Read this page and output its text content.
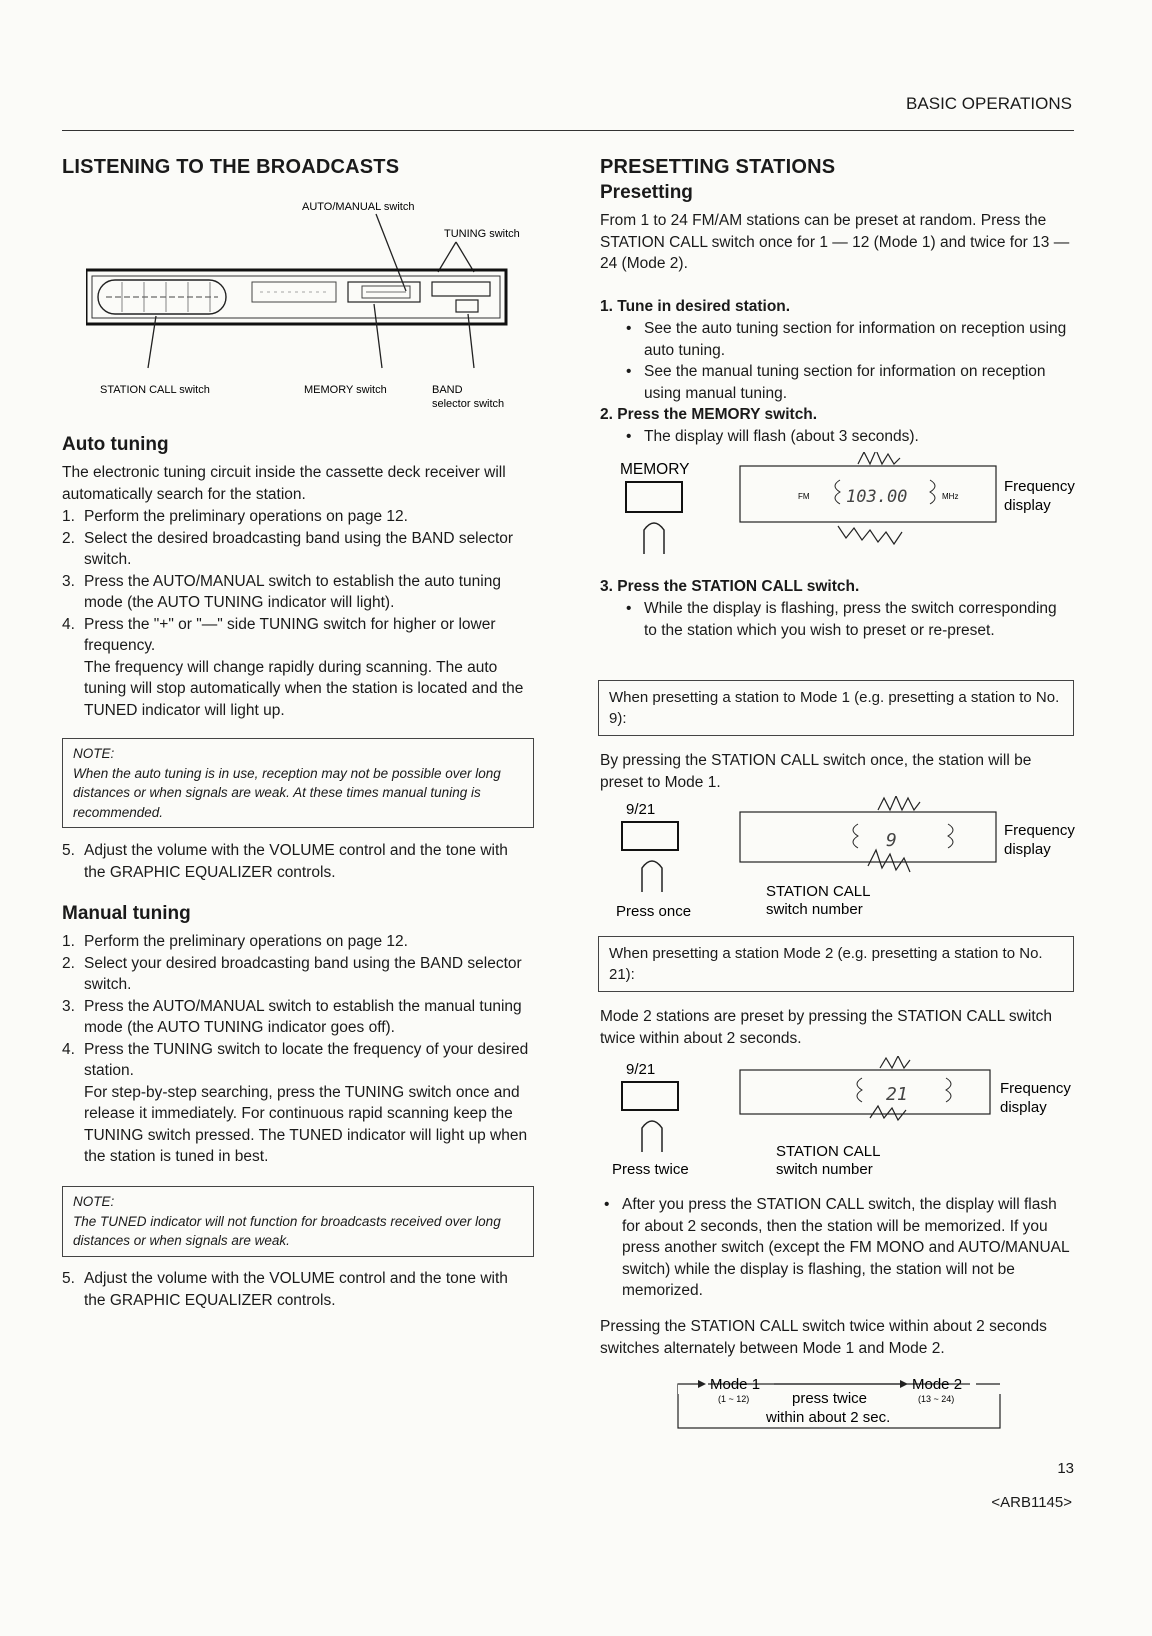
BASIC OPERATIONS
LISTENING TO THE BROADCASTS
AUTO/MANUAL switch
TUNING switch
STATION CALL switch	MEMORY switch	BAND
selector switch
Auto tuning
The electronic tuning circuit inside the cassette deck receiver will automatically search for the station.
1. Perform the preliminary operations on page 12.
2. Select the desired broadcasting band using the BAND selector switch.
3. Press the AUTO/MANUAL switch to establish the auto tuning mode (the AUTO TUNING indicator will light).
4. Press the "+" or "—" side TUNING switch for higher or lower frequency.
The frequency will change rapidly during scanning. The auto tuning will stop automatically when the station is located and the TUNED indicator will light up.
NOTE:
When the auto tuning is in use, reception may not be possible over long distances or when signals are weak. At these times manual tuning is recommended.
5. Adjust the volume with the VOLUME control and the tone with the GRAPHIC EQUALIZER controls.
Manual tuning
1. Perform the preliminary operations on page 12.
2. Select your desired broadcasting band using the BAND selector switch.
3. Press the AUTO/MANUAL switch to establish the manual tuning mode (the AUTO TUNING indicator goes off).
4. Press the TUNING switch to locate the frequency of your desired station.
For step-by-step searching, press the TUNING switch once and release it immediately. For continuous rapid scanning keep the TUNING switch pressed. The TUNED indicator will light up when the station is tuned in best.
NOTE:
The TUNED indicator will not function for broadcasts received over long distances or when signals are weak.
5. Adjust the volume with the VOLUME control and the tone with the GRAPHIC EQUALIZER controls.
PRESETTING STATIONS
Presetting
From 1 to 24 FM/AM stations can be preset at random. Press the STATION CALL switch once for 1 — 12 (Mode 1) and twice for 13 — 24 (Mode 2).
1. Tune in desired station.
• See the auto tuning section for information on reception using auto tuning.
• See the manual tuning section for information on reception using manual tuning.
2. Press the MEMORY switch.
• The display will flash (about 3 seconds).
MEMORY
FM 103.00	MHz
Frequency
display
3. Press the STATION CALL switch.
• While the display is flashing, press the switch corresponding to the station which you wish to preset or re-preset.
When presetting a station to Mode 1 (e.g. presetting a station to No. 9):
By pressing the STATION CALL switch once, the station will be preset to Mode 1.
9/21
Press once
9	Frequency
display
STATION CALL
switch number
When presetting a station Mode 2 (e.g. presetting a station to No. 21):
Mode 2 stations are preset by pressing the STATION CALL switch twice within about 2 seconds.
9/21
Press twice
21	Frequency
display
STATION CALL
switch number
• After you press the STATION CALL switch, the display will flash for about 2 seconds, then the station will be memorized. If you press another switch (except the FM MONO and AUTO/MANUAL switch) while the display is flashing, the station will not be memorized.
Pressing the STATION CALL switch twice within about 2 seconds switches alternately between Mode 1 and Mode 2.
Mode 1
(1 ~ 12)	press twice
Mode 2
(13 ~ 24)
within about 2 sec.
13
<ARB1145>
